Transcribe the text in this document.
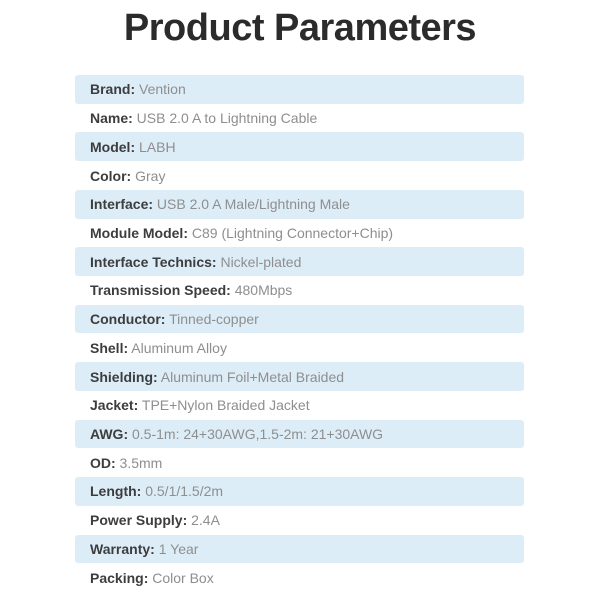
Product Parameters
Brand: Vention
Name: USB 2.0 A to Lightning Cable
Model: LABH
Color: Gray
Interface: USB 2.0 A Male/Lightning Male
Module Model: C89 (Lightning Connector+Chip)
Interface Technics: Nickel-plated
Transmission Speed: 480Mbps
Conductor: Tinned-copper
Shell: Aluminum Alloy
Shielding: Aluminum Foil+Metal Braided
Jacket: TPE+Nylon Braided Jacket
AWG: 0.5-1m: 24+30AWG,1.5-2m: 21+30AWG
OD: 3.5mm
Length: 0.5/1/1.5/2m
Power Supply: 2.4A
Warranty: 1 Year
Packing: Color Box
